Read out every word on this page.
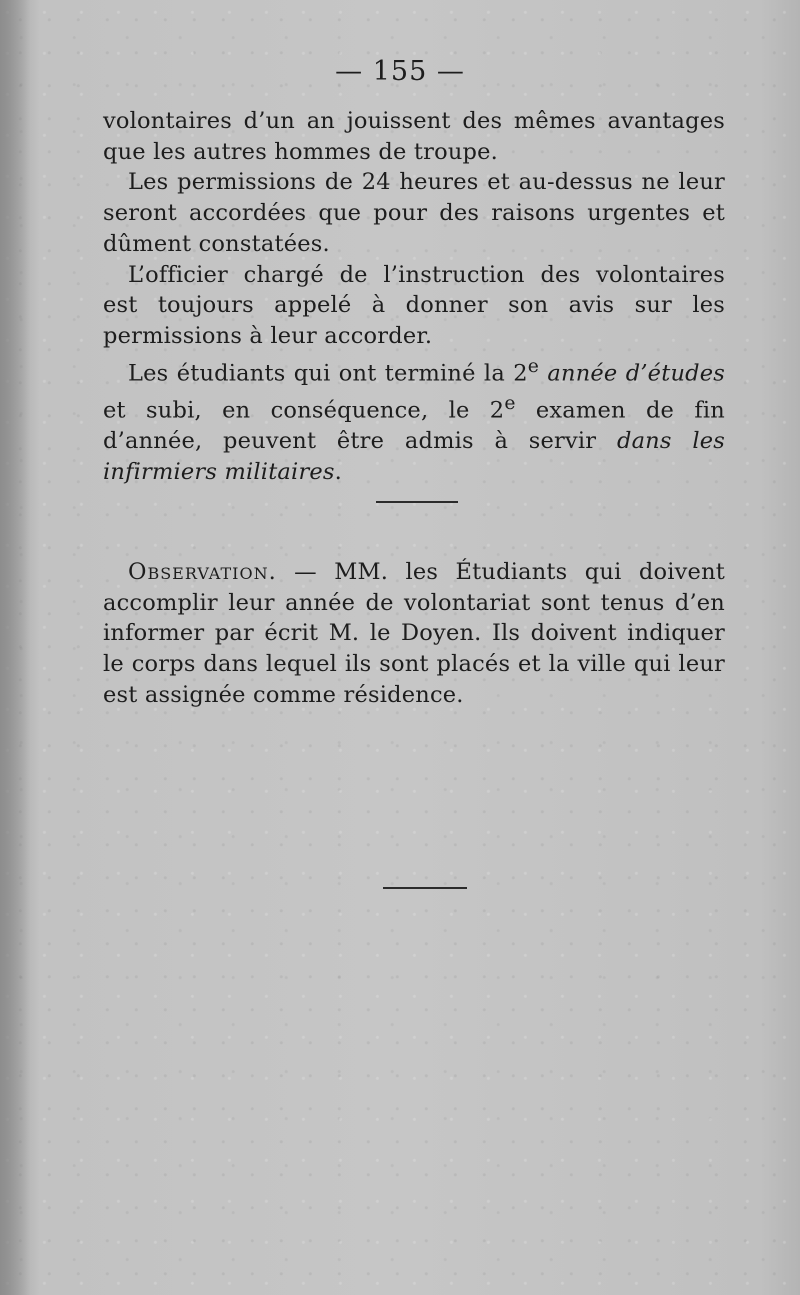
— 155 —

volontaires d’un an jouissent des mêmes avantages que les autres hommes de troupe.

Les permissions de 24 heures et au-dessus ne leur seront accordées que pour des raisons urgentes et dûment constatées.

L’officier chargé de l’instruction des volontaires est toujours appelé à donner son avis sur les permissions à leur accorder.

Les étudiants qui ont terminé la 2e année d’études et subi, en conséquence, le 2e examen de fin d’année, peuvent être admis à servir dans les infirmiers militaires.

Observation. — MM. les Étudiants qui doivent accomplir leur année de volontariat sont tenus d’en informer par écrit M. le Doyen. Ils doivent indiquer le corps dans lequel ils sont placés et la ville qui leur est assignée comme résidence.
